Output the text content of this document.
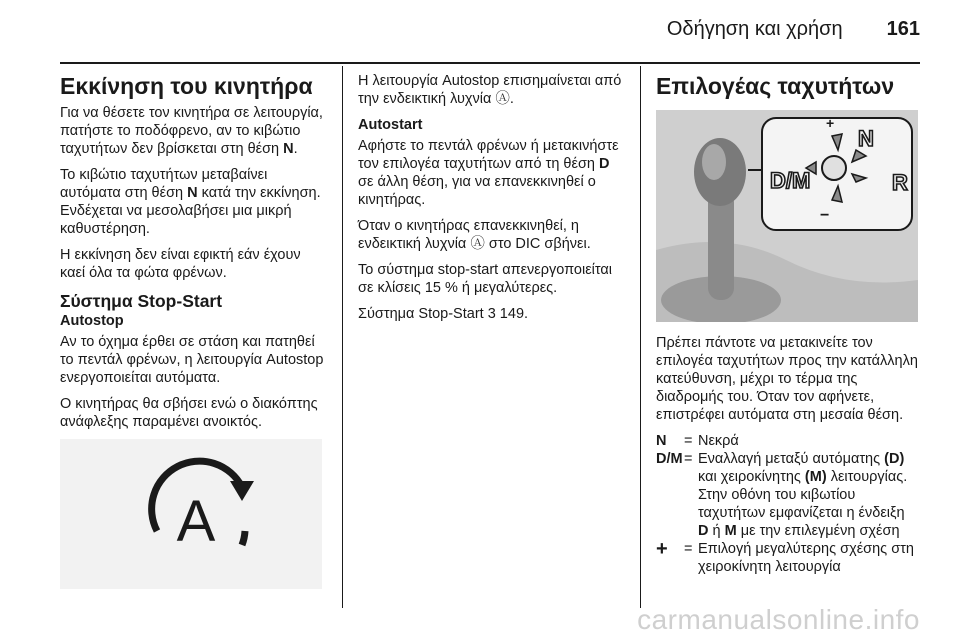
Οδήγηση και χρήση 161
Εκκίνηση του κινητήρα

Για να θέσετε τον κινητήρα σε λειτουργία, πατήστε το ποδόφρενο, αν το κιβώτιο ταχυτήτων δεν βρίσκεται στη θέση N.

Το κιβώτιο ταχυτήτων μεταβαίνει αυτόματα στη θέση N κατά την εκκίνηση. Ενδέχεται να μεσολαβήσει μια μικρή καθυστέρηση.

Η εκκίνηση δεν είναι εφικτή εάν έχουν καεί όλα τα φώτα φρένων.

Σύστημα Stop-Start
Autostop

Αν το όχημα έρθει σε στάση και πατηθεί το πεντάλ φρένων, η λειτουργία Autostop ενεργοποιείται αυτόματα.

Ο κινητήρας θα σβήσει ενώ ο διακόπτης ανάφλεξης παραμένει ανοικτός.

A

Η λειτουργία Autostop επισημαίνεται από την ενδεικτική λυχνία Ⓐ.

Autostart

Αφήστε το πεντάλ φρένων ή μετακινήστε τον επιλογέα ταχυτήτων από τη θέση D σε άλλη θέση, για να επανεκκινηθεί ο κινητήρας.

Όταν ο κινητήρας επανεκκινηθεί, η ενδεικτική λυχνία Ⓐ στο DIC σβήνει.

Το σύστημα stop-start απενεργοποιείται σε κλίσεις 15 % ή μεγαλύτερες.

Σύστημα Stop-Start 3 149.

Επιλογέας ταχυτήτων
+
N
D/M	R
−

Πρέπει πάντοτε να μετακινείτε τον επιλογέα ταχυτήτων προς την κατάλληλη κατεύθυνση, μέχρι το τέρμα της διαδρομής του. Όταν τον αφήνετε, επιστρέφει αυτόματα στη μεσαία θέση.

N	= Νεκρά
D/M = Εναλλαγή μεταξύ αυτόματης (D) και χειροκίνητης (M) λειτουργίας. Στην οθόνη του κιβωτίου ταχυτήτων εμφανίζεται η ένδειξη D ή M με την επιλεγμένη σχέση
+	= Επιλογή μεγαλύτερης σχέσης στη χειροκίνητη λειτουργία
carmanualsonline.info
